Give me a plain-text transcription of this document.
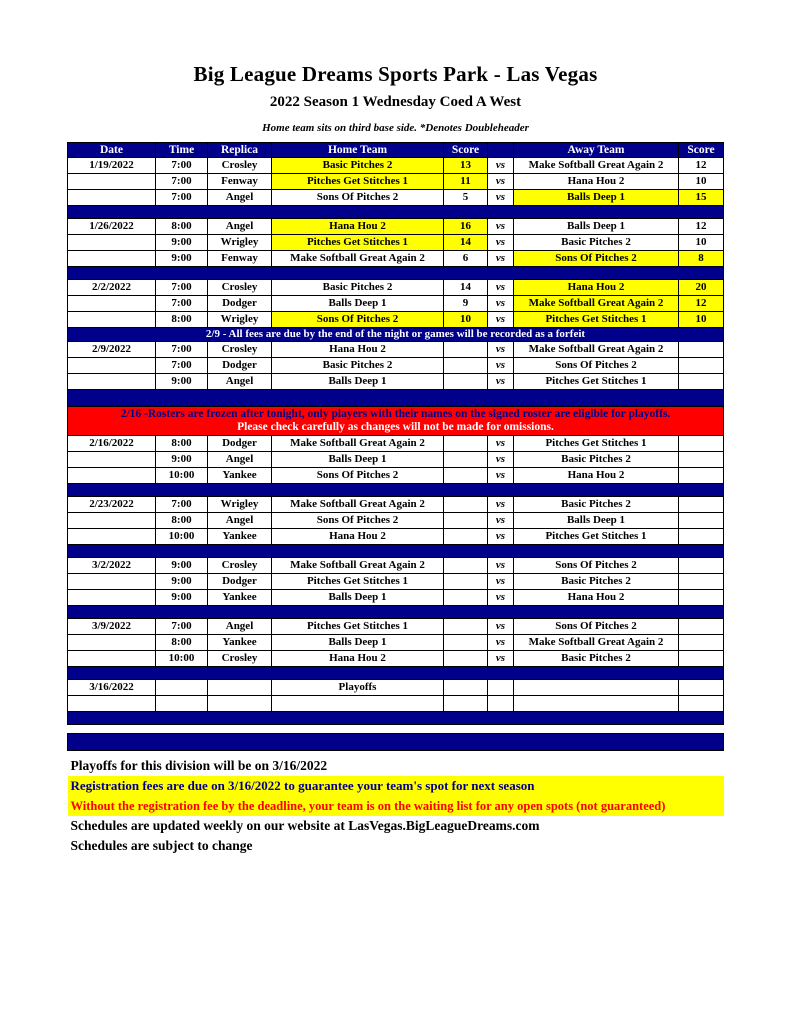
Big League Dreams Sports Park - Las Vegas
2022 Season 1 Wednesday Coed A West
Home team sits on third base side. *Denotes Doubleheader
Date	Time	Replica	Home Team	Score		Away Team	Score
1/19/2022	7:00	Crosley	Basic Pitches 2	13	vs	Make Softball Great Again 2	12
	7:00	Fenway	Pitches Get Stitches 1	11	vs	Hana Hou 2	10
	7:00	Angel	Sons Of Pitches 2	5	vs	Balls Deep 1	15

1/26/2022	8:00	Angel	Hana Hou 2	16	vs	Balls Deep 1	12
	9:00	Wrigley	Pitches Get Stitches 1	14	vs	Basic Pitches 2	10
	9:00	Fenway	Make Softball Great Again 2	6	vs	Sons Of Pitches 2	8

2/2/2022	7:00	Crosley	Basic Pitches 2	14	vs	Hana Hou 2	20
	7:00	Dodger	Balls Deep 1	9	vs	Make Softball Great Again 2	12
	8:00	Wrigley	Sons Of Pitches 2	10	vs	Pitches Get Stitches 1	10
2/9 - All fees are due by the end of the night or games will be recorded as a forfeit							
2/9/2022	7:00	Crosley	Hana Hou 2		vs	Make Softball Great Again 2	
	7:00	Dodger	Basic Pitches 2		vs	Sons Of Pitches 2	
	9:00	Angel	Balls Deep 1		vs	Pitches Get Stitches 1	

2/16 -Rosters are frozen after tonight, only players with their names on the signed roster are eligible for playoffs.
Please check carefully as changes will not be made for omissions.							

2/16/2022	8:00	Dodger	Make Softball Great Again 2		vs	Pitches Get Stitches 1	
	9:00	Angel	Balls Deep 1		vs	Basic Pitches 2	
	10:00	Yankee	Sons Of Pitches 2		vs	Hana Hou 2	

2/23/2022	7:00	Wrigley	Make Softball Great Again 2		vs	Basic Pitches 2	
	8:00	Angel	Sons Of Pitches 2		vs	Balls Deep 1	
	10:00	Yankee	Hana Hou 2		vs	Pitches Get Stitches 1	

3/2/2022	9:00	Crosley	Make Softball Great Again 2		vs	Sons Of Pitches 2	
	9:00	Dodger	Pitches Get Stitches 1		vs	Basic Pitches 2	
	9:00	Yankee	Balls Deep 1		vs	Hana Hou 2	

3/9/2022	7:00	Angel	Pitches Get Stitches 1		vs	Sons Of Pitches 2	
	8:00	Yankee	Balls Deep 1		vs	Make Softball Great Again 2	
	10:00	Crosley	Hana Hou 2		vs	Basic Pitches 2	

3/16/2022			Playoffs				

Playoffs for this division will be on 3/16/2022
Registration fees are due on 3/16/2022 to guarantee your team's spot for next season
Without the registration fee by the deadline, your team is on the waiting list for any open spots (not guaranteed)
Schedules are updated weekly on our website at LasVegas.BigLeagueDreams.com
Schedules are subject to change
